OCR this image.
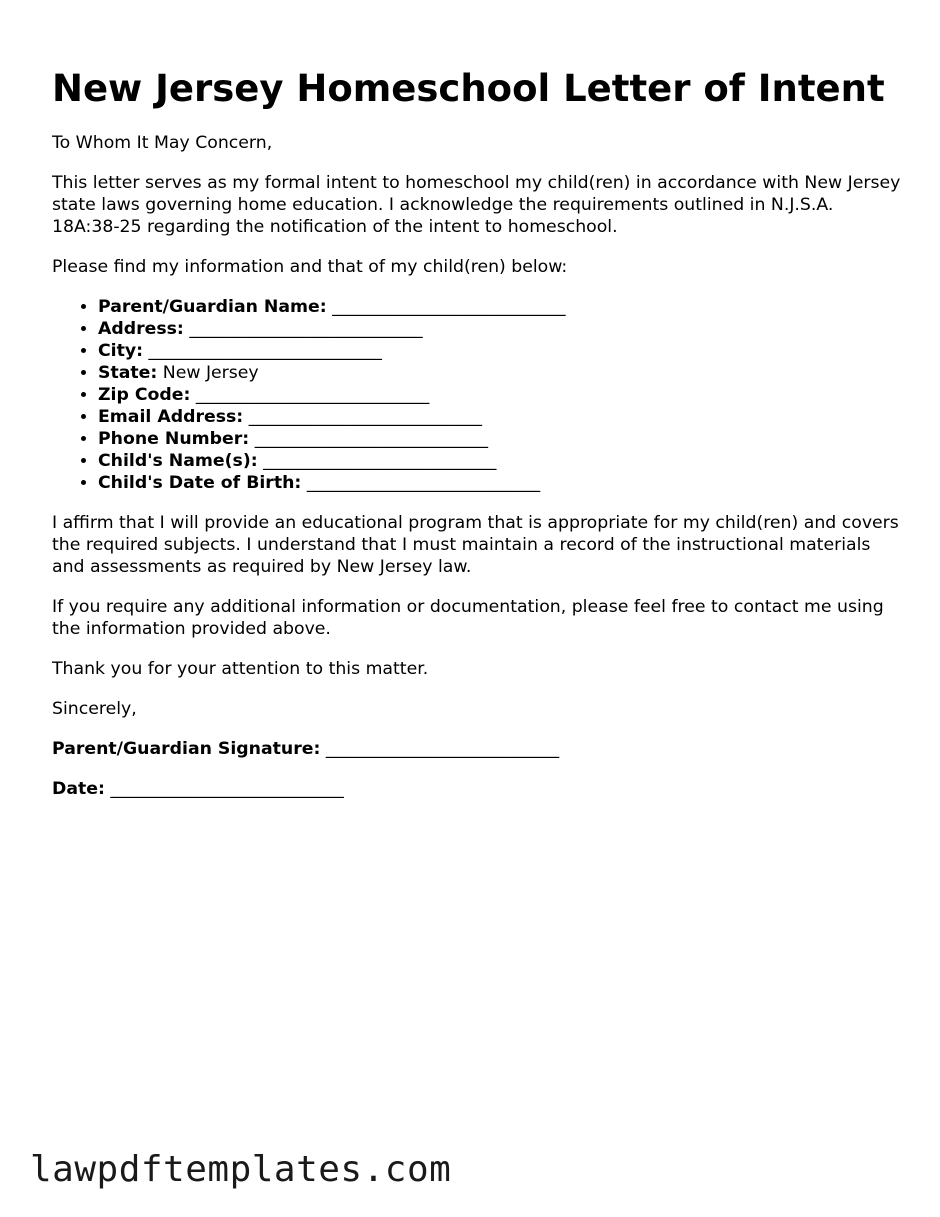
New Jersey Homeschool Letter of Intent

To Whom It May Concern,

This letter serves as my formal intent to homeschool my child(ren) in accordance with New Jersey state laws governing home education. I acknowledge the requirements outlined in N.J.S.A. 18A:38-25 regarding the notification of the intent to homeschool.

Please find my information and that of my child(ren) below:

• Parent/Guardian Name: ___________________________
• Address: ___________________________
• City: ___________________________
• State: New Jersey
• Zip Code: ___________________________
• Email Address: ___________________________
• Phone Number: ___________________________
• Child's Name(s): ___________________________
• Child's Date of Birth: ___________________________

I affirm that I will provide an educational program that is appropriate for my child(ren) and covers the required subjects. I understand that I must maintain a record of the instructional materials and assessments as required by New Jersey law.

If you require any additional information or documentation, please feel free to contact me using the information provided above.

Thank you for your attention to this matter.

Sincerely,

Parent/Guardian Signature: ___________________________

Date: ___________________________

lawpdftemplates.com
